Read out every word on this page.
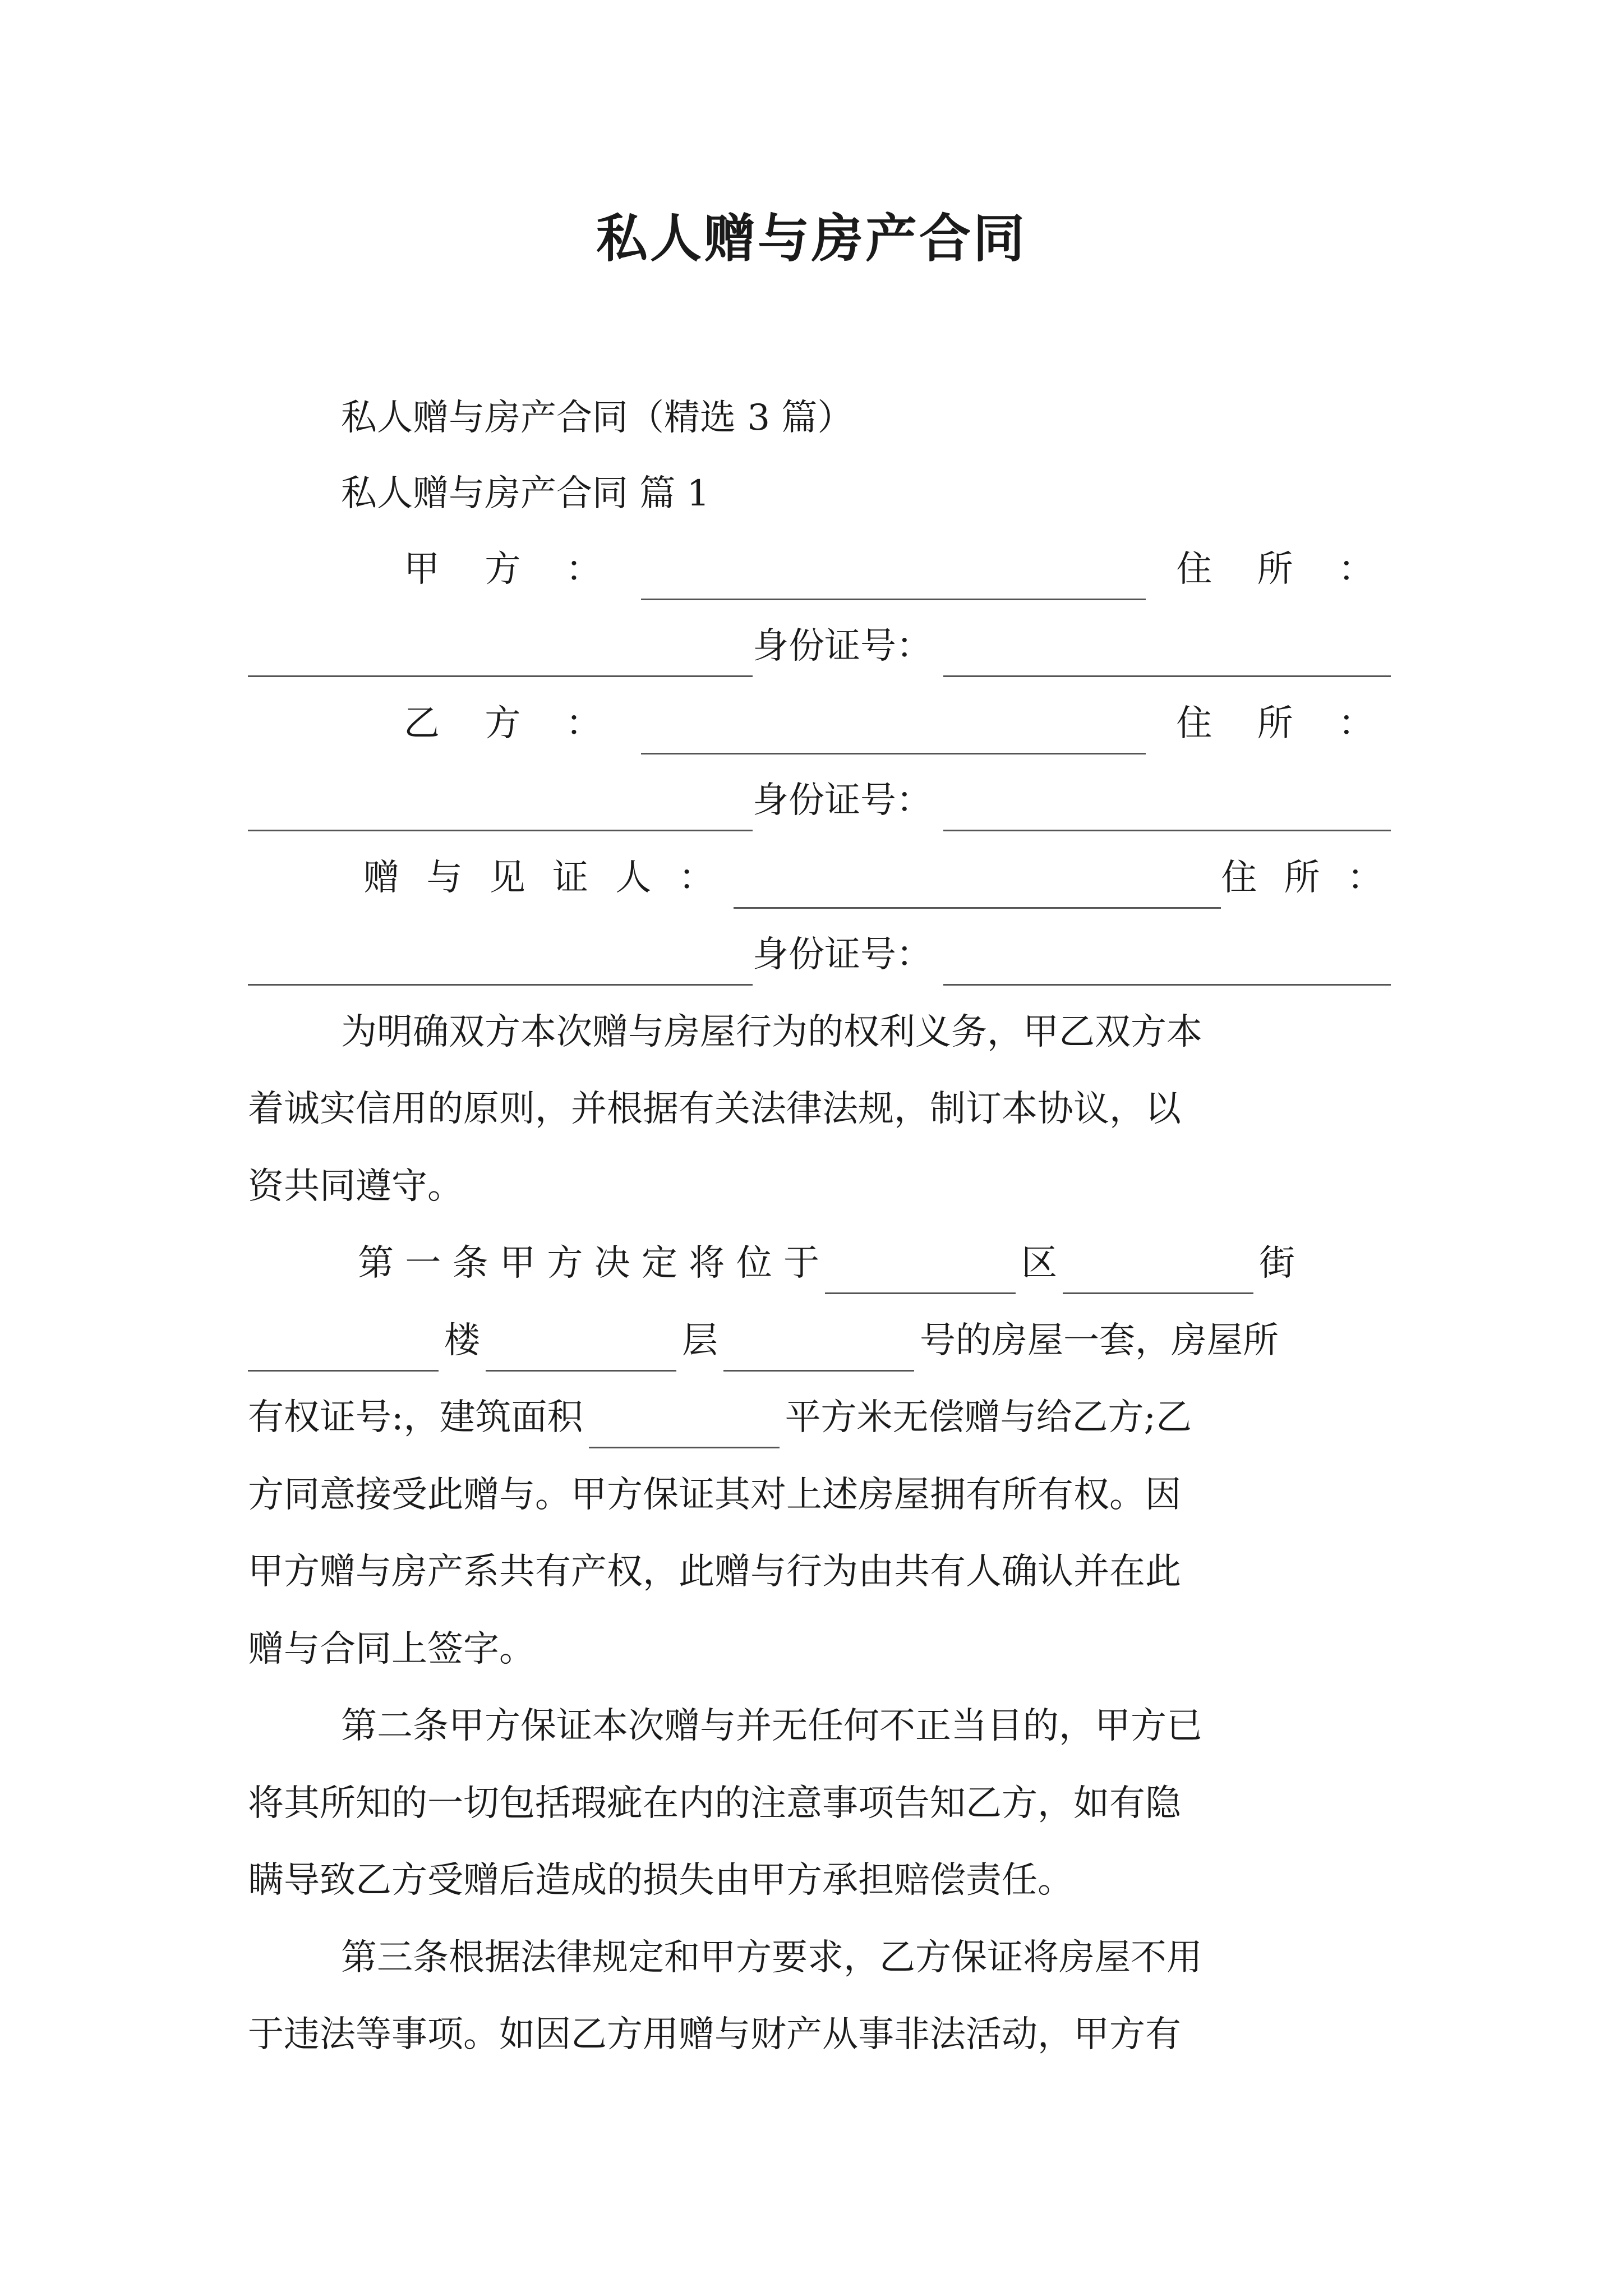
私人赠与房产合同
私人赠与房产合同（精选 3 篇）
私人赠与房产合同 篇 1
甲 方 ：	住 所 ：
身份证号：
乙 方 ：	住 所 ：
身份证号：
赠 与 见 证 人 ：	住 所 ：
身份证号：
为明确双方本次赠与房屋行为的权利义务，甲乙双方本
着诚实信用的原则，并根据有关法律法规，制订本协议，以
资共同遵守。
第 一 条 甲 方 决 定 将 位 于	区	街
楼	层	号的房屋一套，房屋所
有权证号:，建筑面积	平方米无偿赠与给乙方;乙
方同意接受此赠与。甲方保证其对上述房屋拥有所有权。因
甲方赠与房产系共有产权，此赠与行为由共有人确认并在此
赠与合同上签字。
第二条甲方保证本次赠与并无任何不正当目的，甲方已
将其所知的一切包括瑕疵在内的注意事项告知乙方，如有隐
瞒导致乙方受赠后造成的损失由甲方承担赔偿责任。
第三条根据法律规定和甲方要求，乙方保证将房屋不用
于违法等事项。如因乙方用赠与财产从事非法活动，甲方有
